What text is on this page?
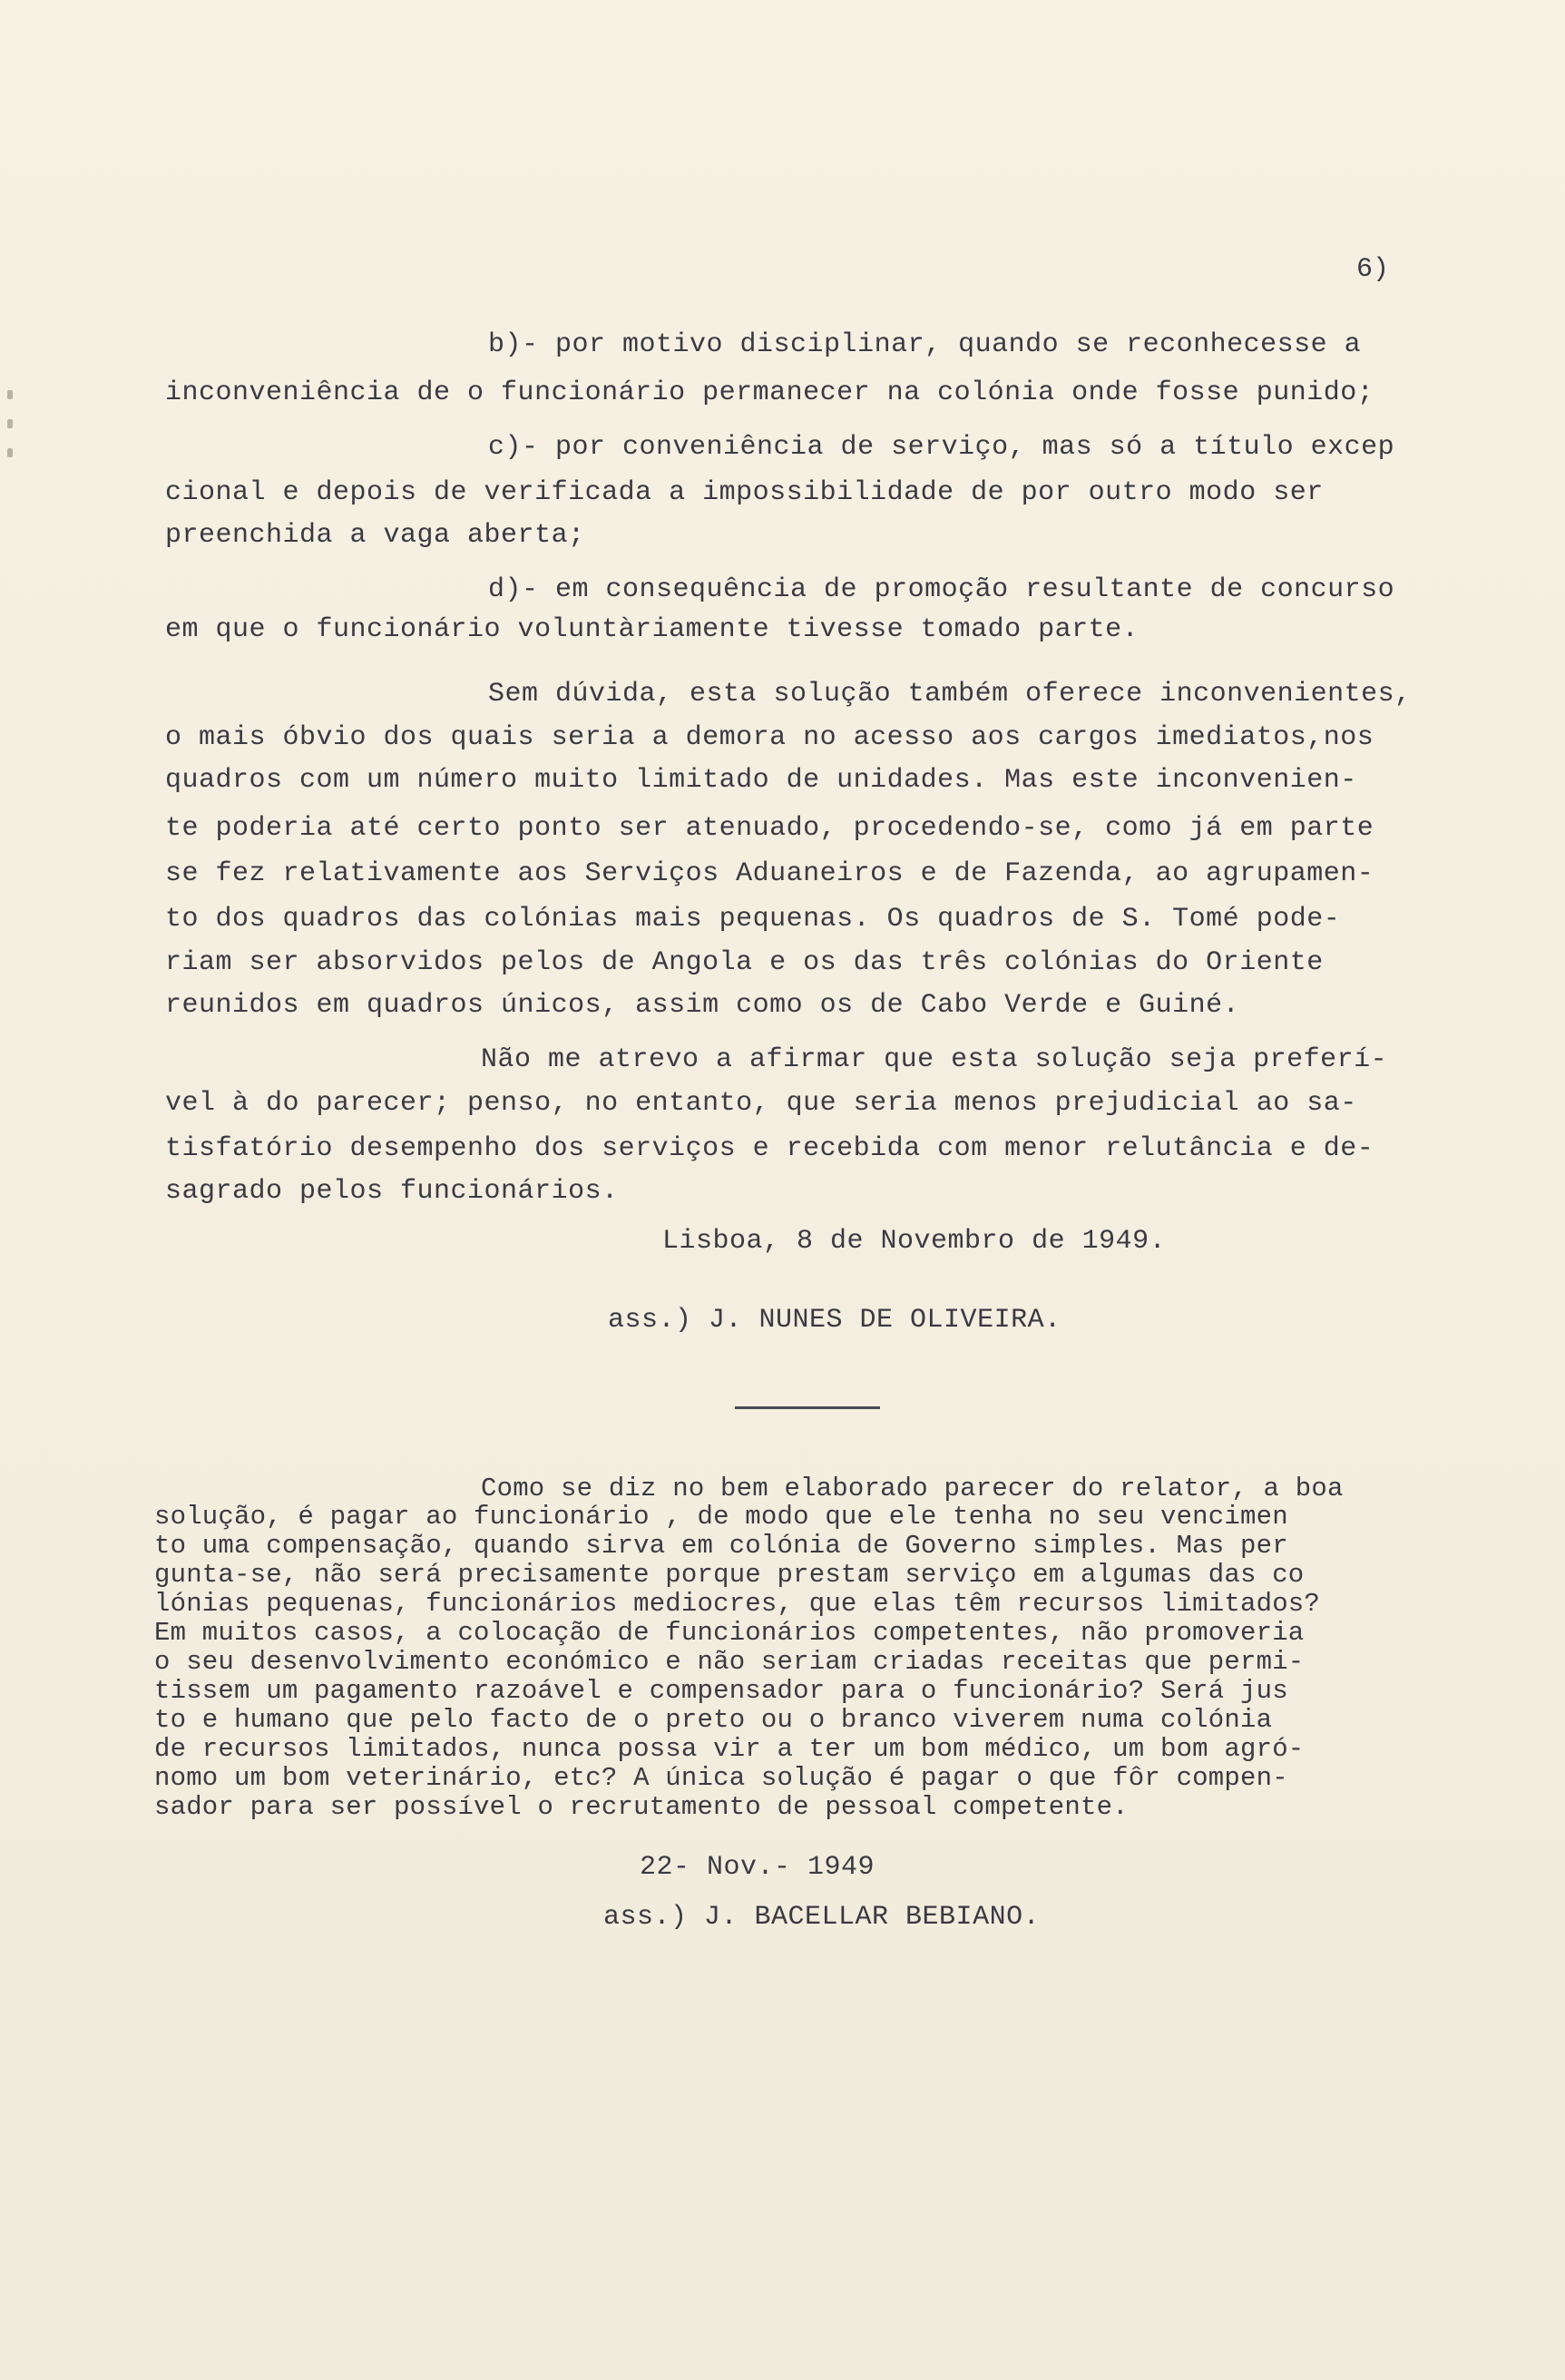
6)
b)- por motivo disciplinar, quando se reconhecesse a
inconveniência de o funcionário permanecer na colónia onde fosse punido;
c)- por conveniência de serviço, mas só a título excep
cional e depois de verificada a impossibilidade de por outro modo ser
preenchida a vaga aberta;
d)- em consequência de promoção resultante de concurso
em que o funcionário voluntàriamente tivesse tomado parte.
Sem dúvida, esta solução também oferece inconvenientes,
o mais óbvio dos quais seria a demora no acesso aos cargos imediatos,nos
quadros com um número muito limitado de unidades. Mas este inconvenien-
te poderia até certo ponto ser atenuado, procedendo-se, como já em parte
se fez relativamente aos Serviços Aduaneiros e de Fazenda, ao agrupamen-
to dos quadros das colónias mais pequenas. Os quadros de S. Tomé pode-
riam ser absorvidos pelos de Angola e os das três colónias do Oriente
reunidos em quadros únicos, assim como os de Cabo Verde e Guiné.
Não me atrevo a afirmar que esta solução seja preferí-
vel à do parecer; penso, no entanto, que seria menos prejudicial ao sa-
tisfatório desempenho dos serviços e recebida com menor relutância e de-
sagrado pelos funcionários.
Lisboa, 8 de Novembro de 1949.
ass.) J. NUNES DE OLIVEIRA.
Como se diz no bem elaborado parecer do relator, a boa
solução, é pagar ao funcionário , de modo que ele tenha no seu vencimen
to uma compensação, quando sirva em colónia de Governo simples. Mas per
gunta-se, não será precisamente porque prestam serviço em algumas das co
lónias pequenas, funcionários mediocres, que elas têm recursos limitados?
Em muitos casos, a colocação de funcionários competentes, não promoveria
o seu desenvolvimento económico e não seriam criadas receitas que permi-
tissem um pagamento razoável e compensador para o funcionário? Será jus
to e humano que pelo facto de o preto ou o branco viverem numa colónia
de recursos limitados, nunca possa vir a ter um bom médico, um bom agró-
nomo um bom veterinário, etc? A única solução é pagar o que fôr compen-
sador para ser possível o recrutamento de pessoal competente.
22- Nov.- 1949
ass.) J. BACELLAR BEBIANO.
